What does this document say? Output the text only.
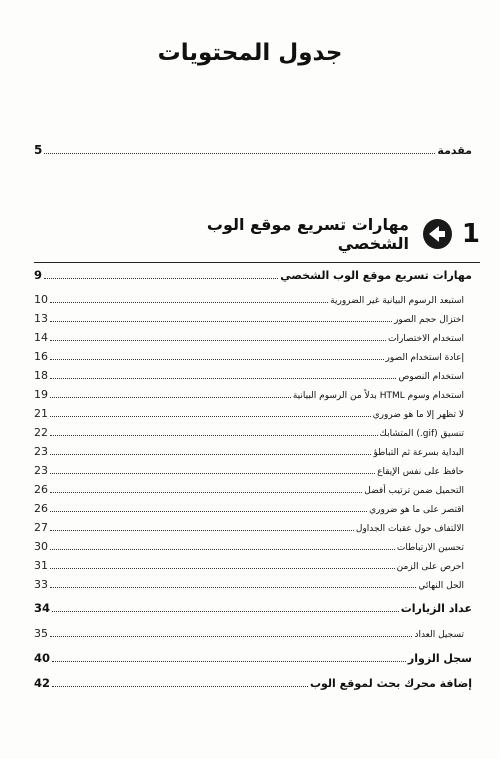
جدول المحتويات
مقدمة
5
1
مهارات تسريع موقع الوب الشخصي
مهارات تسريع موقع الوب الشخصي
9
استبعد الرسوم البيانية غير الضرورية
10
اختزال حجم الصور
13
استخدام الاختصارات
14
إعادة استخدام الصور
16
استخدام النصوص
18
استخدام وسوم HTML بدلاً من الرسوم البيانية
19
لا تظهر إلا ما هو ضروري
21
تنسيق (gif.) المتشابك
22
البداية بسرعة ثم التباطؤ
23
حافظ على نفس الإيقاع
23
التحميل ضمن ترتيب أفضل
26
اقتصر على ما هو ضروري
26
الالتفاف حول عقبات الجداول
27
تحسين الارتباطات
30
احرص على الزمن
31
الحل النهائي
33
عداد الزيارات
34
تسجيل العداد
35
سجل الزوار
40
إضافة محرك بحث لموقع الوب
42
